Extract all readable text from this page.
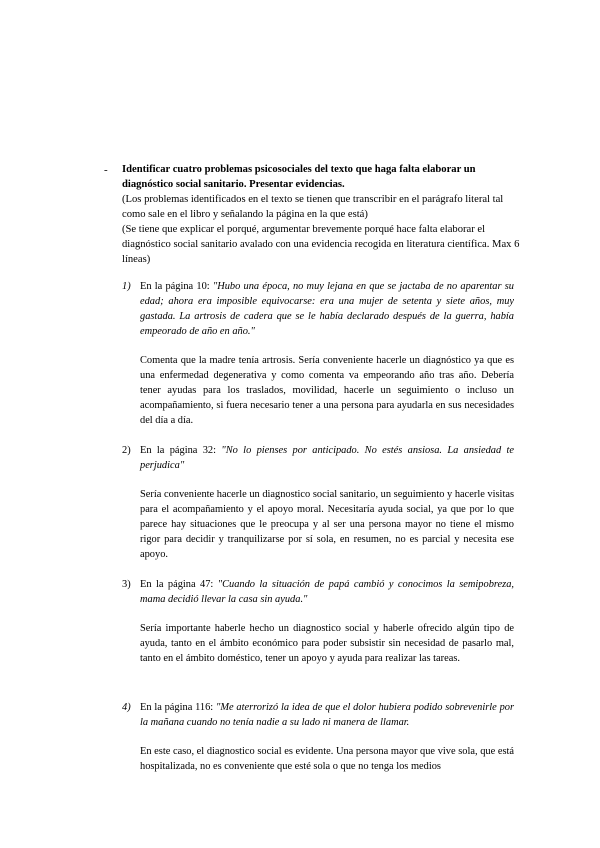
- Identificar cuatro problemas psicosociales del texto que haga falta elaborar un diagnóstico social sanitario. Presentar evidencias.
(Los problemas identificados en el texto se tienen que transcribir en el parágrafo literal tal como sale en el libro y señalando la página en la que está)
(Se tiene que explicar el porqué, argumentar brevemente porqué hace falta elaborar el diagnóstico social sanitario avalado con una evidencia recogida en literatura científica. Max 6 líneas)
1) En la página 10: "Hubo una época, no muy lejana en que se jactaba de no aparentar su edad; ahora era imposible equivocarse: era una mujer de setenta y siete años, muy gastada. La artrosis de cadera que se le había declarado después de la guerra, había empeorado de año en año."
Comenta que la madre tenía artrosis. Sería conveniente hacerle un diagnóstico ya que es una enfermedad degenerativa y como comenta va empeorando año tras año. Debería tener ayudas para los traslados, movilidad, hacerle un seguimiento o incluso un acompañamiento, si fuera necesario tener a una persona para ayudarla en sus necesidades del día a día.
2) En la página 32: "No lo pienses por anticipado. No estés ansiosa. La ansiedad te perjudica"
Sería conveniente hacerle un diagnostico social sanitario, un seguimiento y hacerle visitas para el acompañamiento y el apoyo moral. Necesitaría ayuda social, ya que por lo que parece hay situaciones que le preocupa y al ser una persona mayor no tiene el mismo rigor para decidir y tranquilizarse por sí sola, en resumen, no es parcial y necesita ese apoyo.
3) En la página 47: "Cuando la situación de papá cambió y conocimos la semipobreza, mama decidió llevar la casa sin ayuda."
Sería importante haberle hecho un diagnostico social y haberle ofrecido algún tipo de ayuda, tanto en el ámbito económico para poder subsistir sin necesidad de pasarlo mal, tanto en el ámbito doméstico, tener un apoyo y ayuda para realizar las tareas.
4) En la página 116: "Me aterrorizó la idea de que el dolor hubiera podido sobrevenirle por la mañana cuando no tenía nadie a su lado ni manera de llamar.
En este caso, el diagnostico social es evidente. Una persona mayor que vive sola, que está hospitalizada, no es conveniente que esté sola o que no tenga los medios
